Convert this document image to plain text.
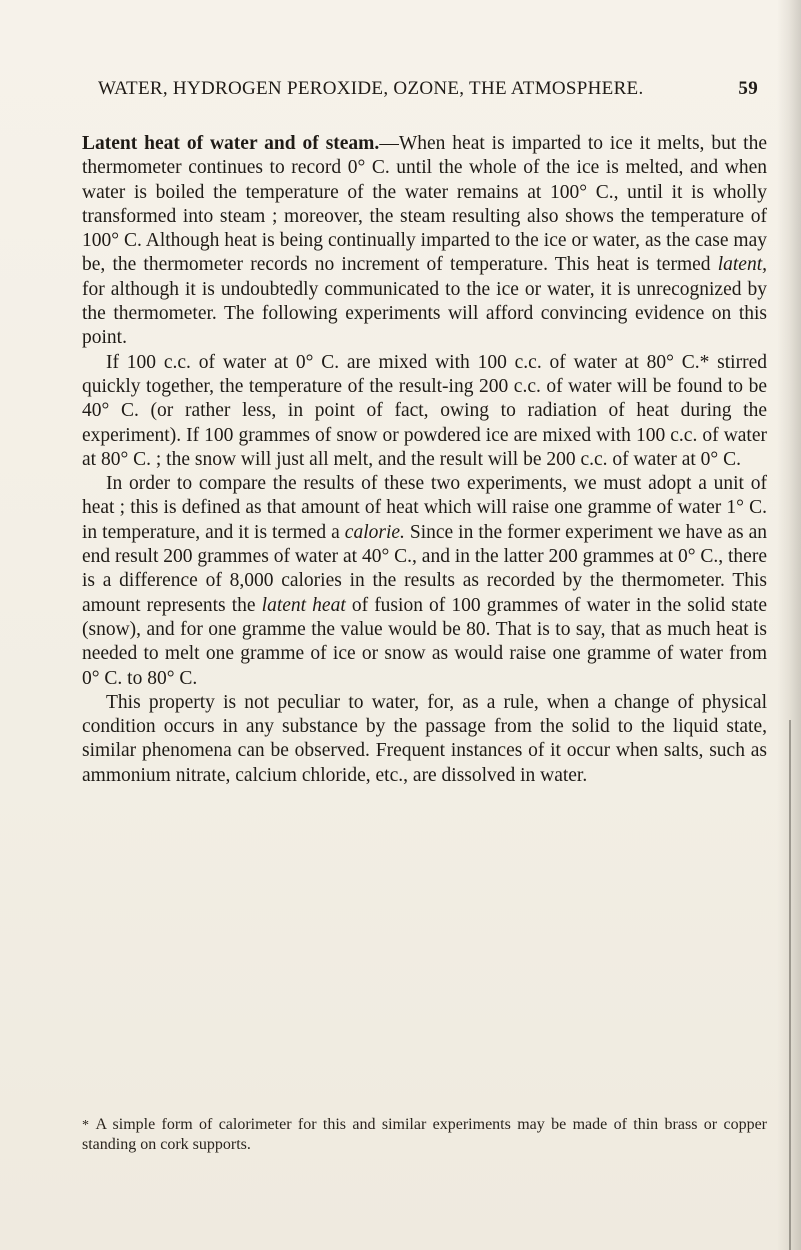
WATER, HYDROGEN PEROXIDE, OZONE, THE ATMOSPHERE.	59

Latent heat of water and of steam.—When heat is imparted to ice it melts, but the thermometer continues to record 0° C. until the whole of the ice is melted, and when water is boiled the temperature of the water remains at 100° C., until it is wholly transformed into steam ; moreover, the steam resulting also shows the temperature of 100° C. Although heat is being continually imparted to the ice or water, as the case may be, the thermometer records no increment of temperature. This heat is termed latent, for although it is undoubtedly communicated to the ice or water, it is unrecognized by the thermometer. The following experiments will afford convincing evidence on this point.

If 100 c.c. of water at 0° C. are mixed with 100 c.c. of water at 80° C.* stirred quickly together, the temperature of the result-ing 200 c.c. of water will be found to be 40° C. (or rather less, in point of fact, owing to radiation of heat during the experiment). If 100 grammes of snow or powdered ice are mixed with 100 c.c. of water at 80° C. ; the snow will just all melt, and the result will be 200 c.c. of water at 0° C.

In order to compare the results of these two experiments, we must adopt a unit of heat ; this is defined as that amount of heat which will raise one gramme of water 1° C. in temperature, and it is termed a calorie. Since in the former experiment we have as an end result 200 grammes of water at 40° C., and in the latter 200 grammes at 0° C., there is a difference of 8,000 calories in the results as recorded by the thermometer. This amount represents the latent heat of fusion of 100 grammes of water in the solid state (snow), and for one gramme the value would be 80. That is to say, that as much heat is needed to melt one gramme of ice or snow as would raise one gramme of water from 0° C. to 80° C.

This property is not peculiar to water, for, as a rule, when a change of physical condition occurs in any substance by the passage from the solid to the liquid state, similar phenomena can be observed. Frequent instances of it occur when salts, such as ammonium nitrate, calcium chloride, etc., are dissolved in water.

* A simple form of calorimeter for this and similar experiments may be made of thin brass or copper standing on cork supports.
